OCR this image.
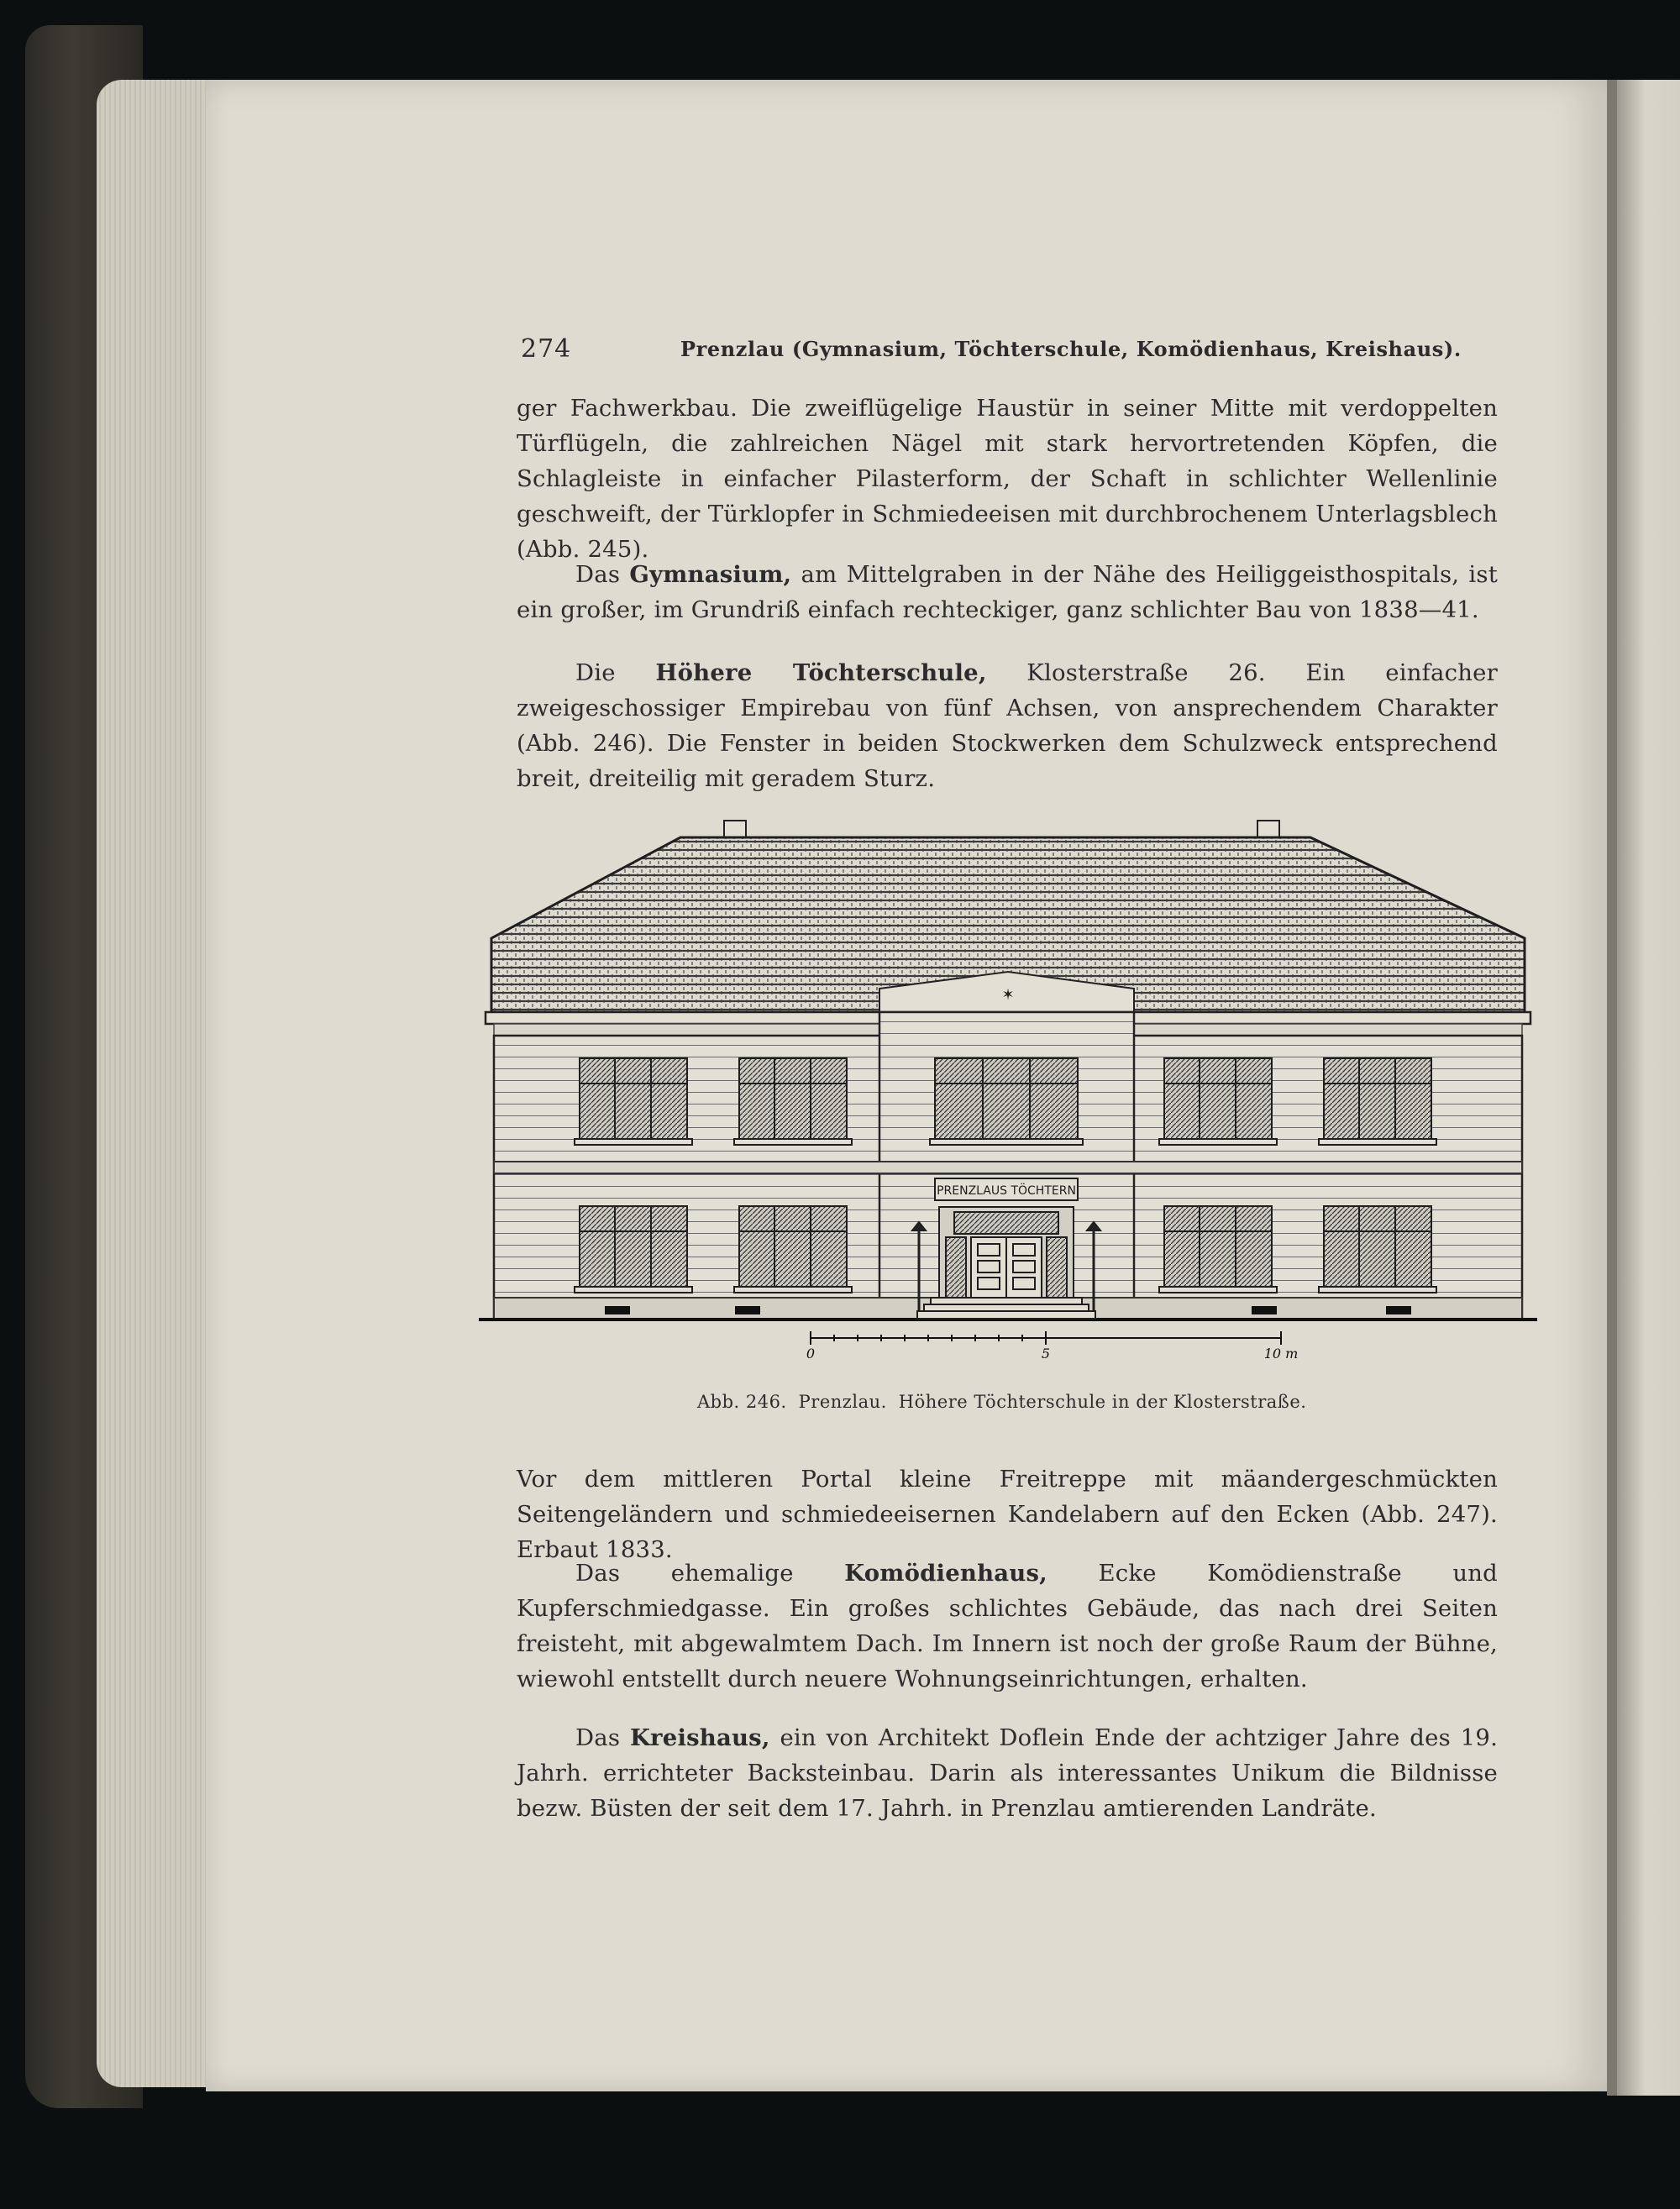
274	Prenzlau (Gymnasium, Töchterschule, Komödienhaus, Kreishaus).

ger Fachwerkbau. Die zweiflügelige Haustür in seiner Mitte mit verdoppelten Türflügeln, die zahlreichen Nägel mit stark hervortretenden Köpfen, die Schlagleiste in einfacher Pilasterform, der Schaft in schlichter Wellenlinie geschweift, der Türklopfer in Schmiedeeisen mit durchbrochenem Unterlagsblech (Abb. 245).

Das Gymnasium, am Mittelgraben in der Nähe des Heiliggeisthospitals, ist ein großer, im Grundriß einfach rechteckiger, ganz schlichter Bau von 1838—41.

Die Höhere Töchterschule, Klosterstraße 26. Ein einfacher zweigeschossiger Empirebau von fünf Achsen, von ansprechendem Charakter (Abb. 246). Die Fenster in beiden Stockwerken dem Schulzweck entsprechend breit, dreiteilig mit geradem Sturz.

✶
PRENZLAUS TÖCHTERN
0	5	10 m
Abb. 246. Prenzlau. Höhere Töchterschule in der Klosterstraße.

Vor dem mittleren Portal kleine Freitreppe mit mäandergeschmückten Seitengeländern und schmiedeeisernen Kandelabern auf den Ecken (Abb. 247). Erbaut 1833.

Das ehemalige Komödienhaus, Ecke Komödienstraße und Kupferschmiedgasse. Ein großes schlichtes Gebäude, das nach drei Seiten freisteht, mit abgewalmtem Dach. Im Innern ist noch der große Raum der Bühne, wiewohl entstellt durch neuere Wohnungseinrichtungen, erhalten.

Das Kreishaus, ein von Architekt Doflein Ende der achtziger Jahre des 19. Jahrh. errichteter Backsteinbau. Darin als interessantes Unikum die Bildnisse bezw. Büsten der seit dem 17. Jahrh. in Prenzlau amtierenden Landräte.
